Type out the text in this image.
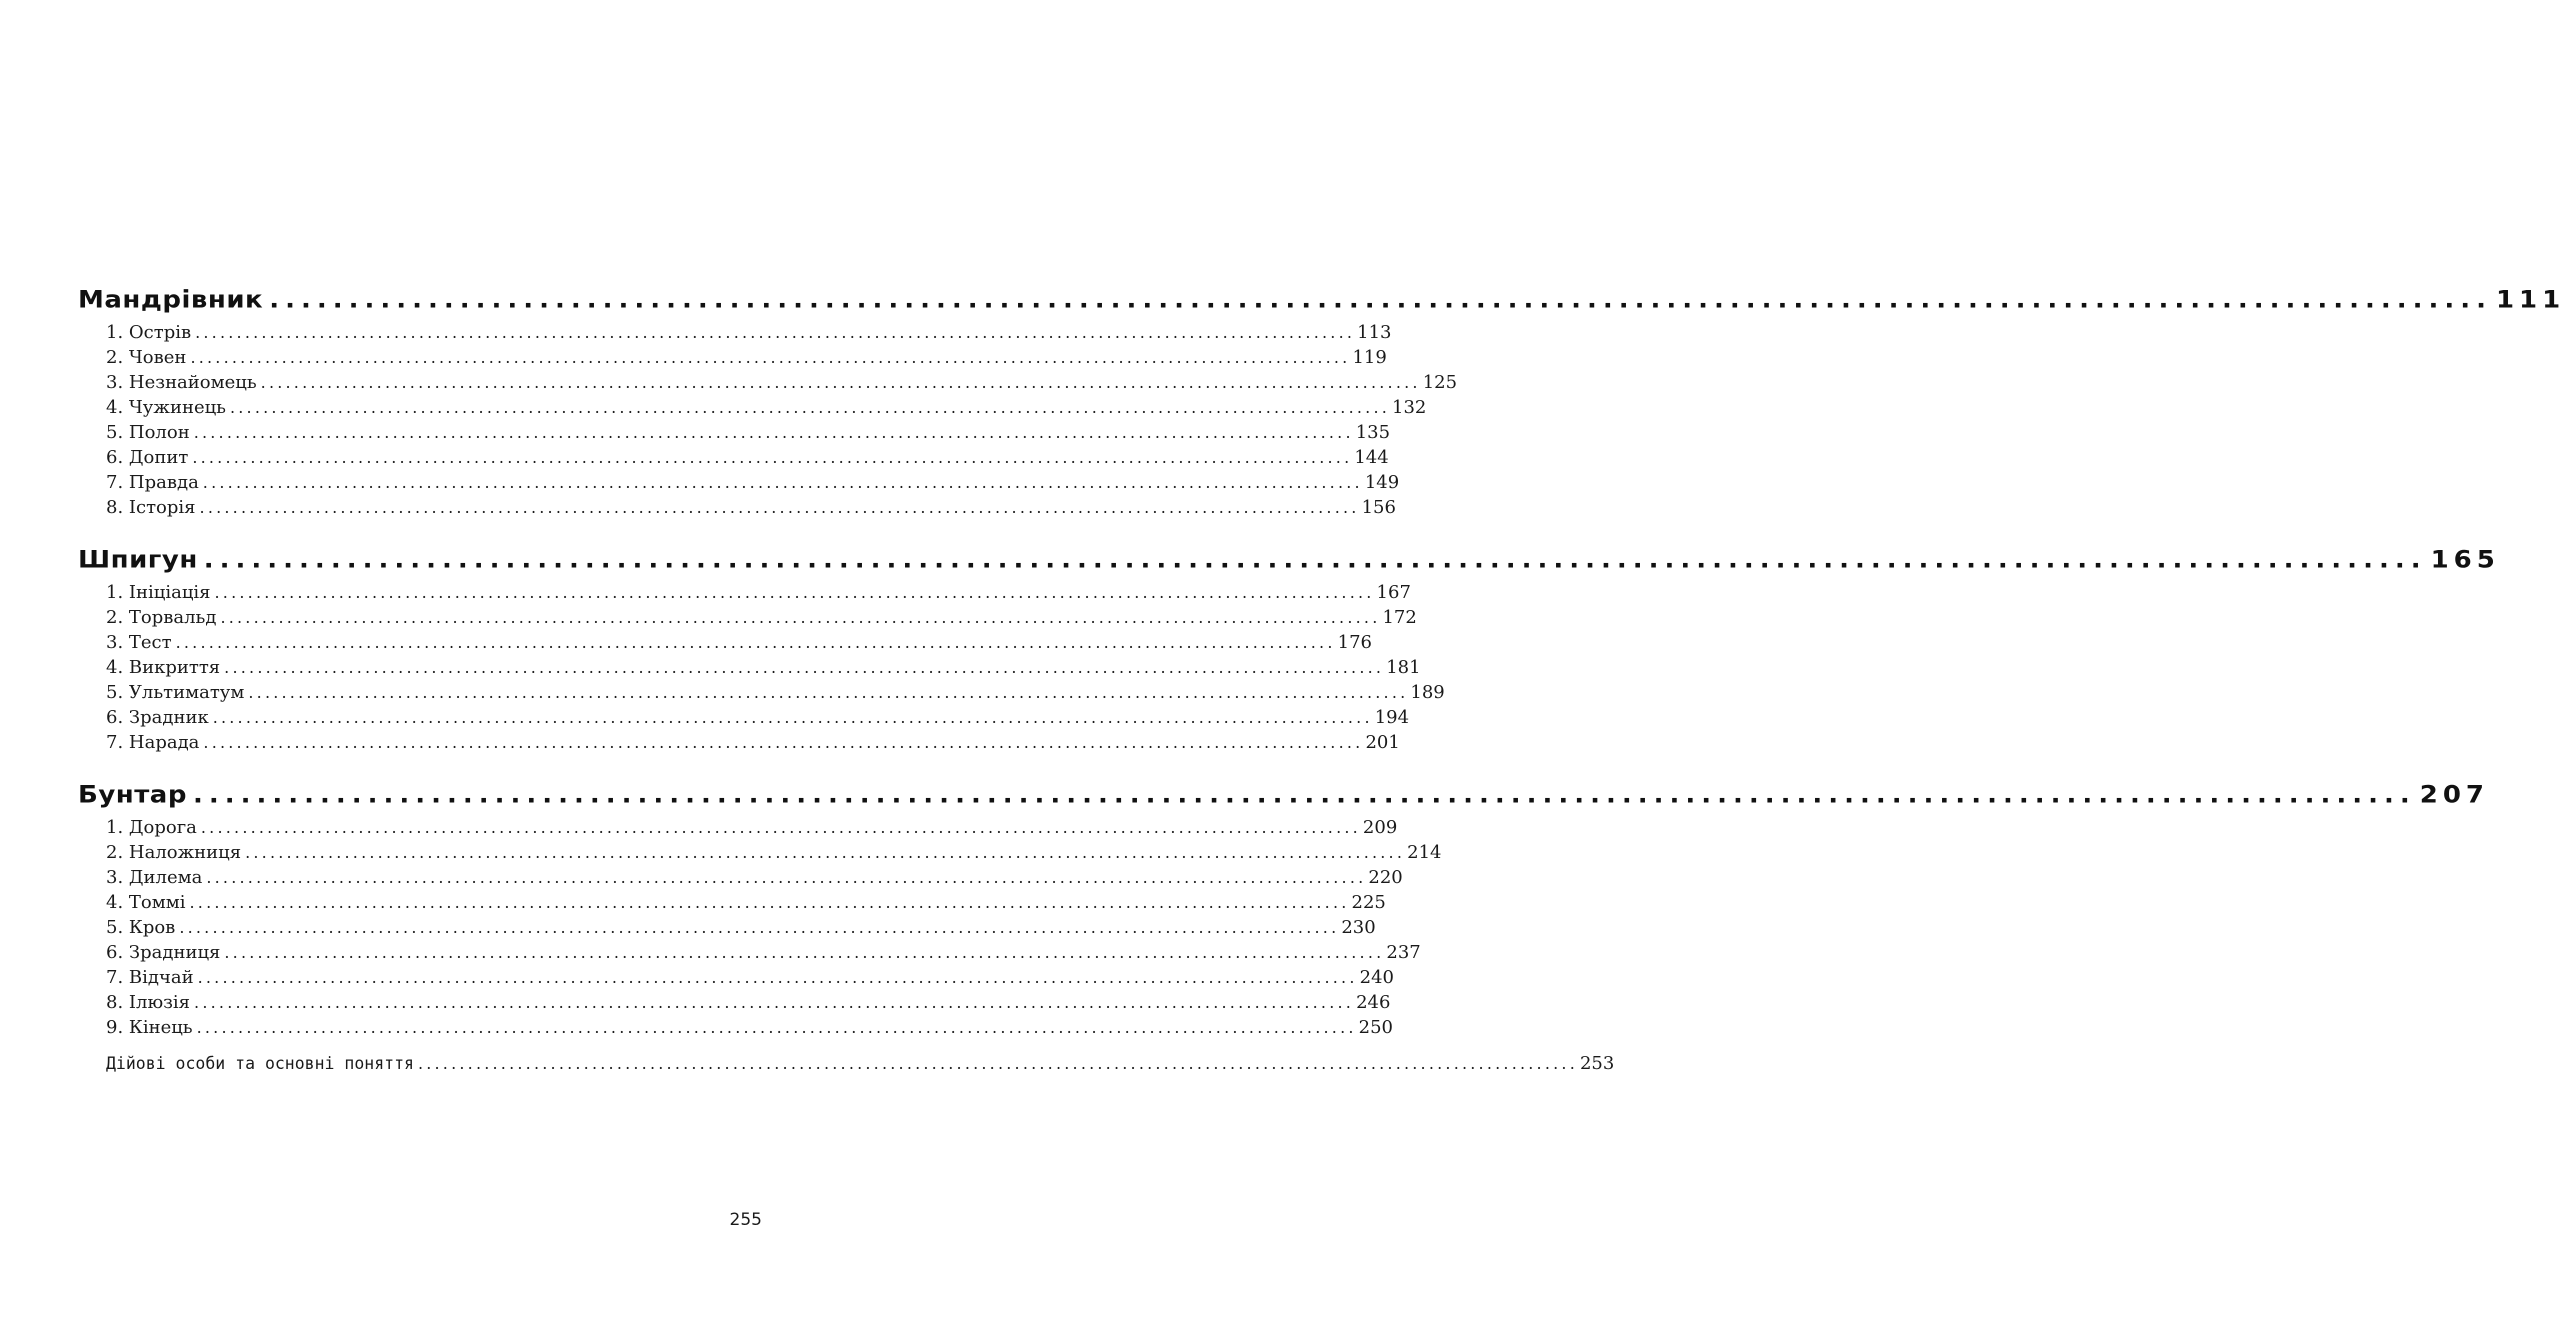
Мандрівник ............................................................................................................................................ 111
1. Острів ............................................................................................................................................ 113
2. Човен ............................................................................................................................................ 119
3. Незнайомець ............................................................................................................................................ 125
4. Чужинець ............................................................................................................................................ 132
5. Полон ............................................................................................................................................ 135
6. Допит ............................................................................................................................................ 144
7. Правда ............................................................................................................................................ 149
8. Історія ............................................................................................................................................ 156
Шпигун ............................................................................................................................................ 165
1. Ініціація ............................................................................................................................................ 167
2. Торвальд ............................................................................................................................................ 172
3. Тест ............................................................................................................................................ 176
4. Викриття ............................................................................................................................................ 181
5. Ультиматум ............................................................................................................................................ 189
6. Зрадник ............................................................................................................................................ 194
7. Нарада ............................................................................................................................................ 201
Бунтар ............................................................................................................................................ 207
1. Дорога ............................................................................................................................................ 209
2. Наложниця ............................................................................................................................................ 214
3. Дилема ............................................................................................................................................ 220
4. Томмі ............................................................................................................................................ 225
5. Кров ............................................................................................................................................ 230
6. Зрадниця ............................................................................................................................................ 237
7. Відчай ............................................................................................................................................ 240
8. Ілюзія ............................................................................................................................................ 246
9. Кінець ............................................................................................................................................ 250
Дійові особи та основні поняття ............................................................................................................................................ 253
255
